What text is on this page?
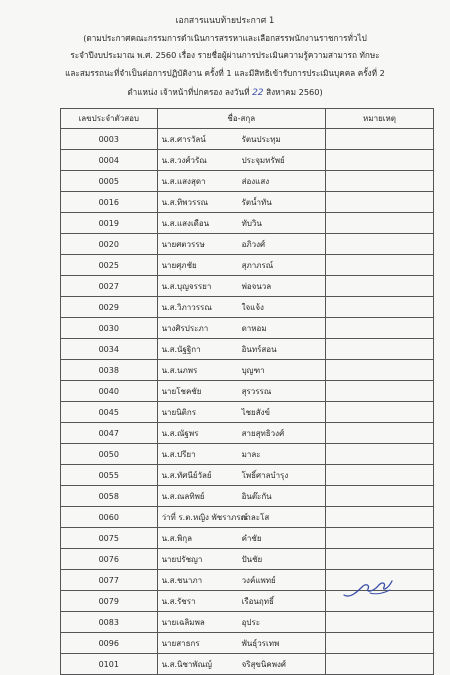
เอกสารแนบท้ายประกาศ 1
(ตามประกาศคณะกรรมการดำเนินการสรรหาและเลือกสรรพนักงานราชการทั่วไป
ระจำปีงบประมาณ พ.ศ. 2560 เรื่อง รายชื่อผู้ผ่านการประเมินความรู้ความสามารถ ทักษะ
และสมรรถนะที่จำเป็นต่อการปฏิบัติงาน ครั้งที่ 1 และมีสิทธิเข้ารับการประเมินบุคคล ครั้งที่ 2
ตำแหน่ง เจ้าหน้าที่ปกครอง ลงวันที่ 22 สิงหาคม 2560)
เลขประจำตัวสอบ	ชื่อ-สกุล	หมายเหตุ
0003	น.ส.ศารวัลน์ รัตนประทุม	
0004	น.ส.วงศ์วรัณ ประจุมทรัพย์	
0005	น.ส.แสงสุดา ส่องแสง	
0016	น.ส.ทิพวรรณ รัตน์ำทัน	
0019	น.ส.แสงเดือน ทับวิน	
0020	นายศตวรรษ อภิวงศ์	
0025	นายศุภชัย สุภาภรณ์	
0027	น.ส.บุญจรรยา พ่อจนวล	
0029	น.ส.วิภาวรรณ ใจแจ้ง	
0030	นางศิรประภา ดาหอม	
0034	น.ส.นัฐฐิกา อินทร์สอน	
0038	น.ส.นภพร บุญฑา	
0040	นายโชคชัย สุรวรรณ	
0045	นายนิติกร ไชยสังข์	
0047	น.ส.ณัฐพร สายสุทธิวงศ์	
0050	น.ส.ปรียา มาละ	
0055	น.ส.ทัศนีย์วัลย์ โพธิ์ศาลบำรุง	
0058	น.ส.ณลทิพย์ อินต๊ะกัน	
0060	ว่าที่ ร.ต.หญิง พัชราภรณ์กาละโส	
0075	น.ส.พิกุล คำชัย	
0076	นายปรัชญา ปันชัย	
0077	น.ส.ชนาภา วงค์แพทย์	
0079	น.ส.รัชรา เรือนฤทธิ์	
0083	นายเฉลิมพล อุประ	
0096	นายสาธกร พันธุ์วรเทพ	
0101	น.ส.นิชาพัณญ์ จริสุขนิคพงศ์	
